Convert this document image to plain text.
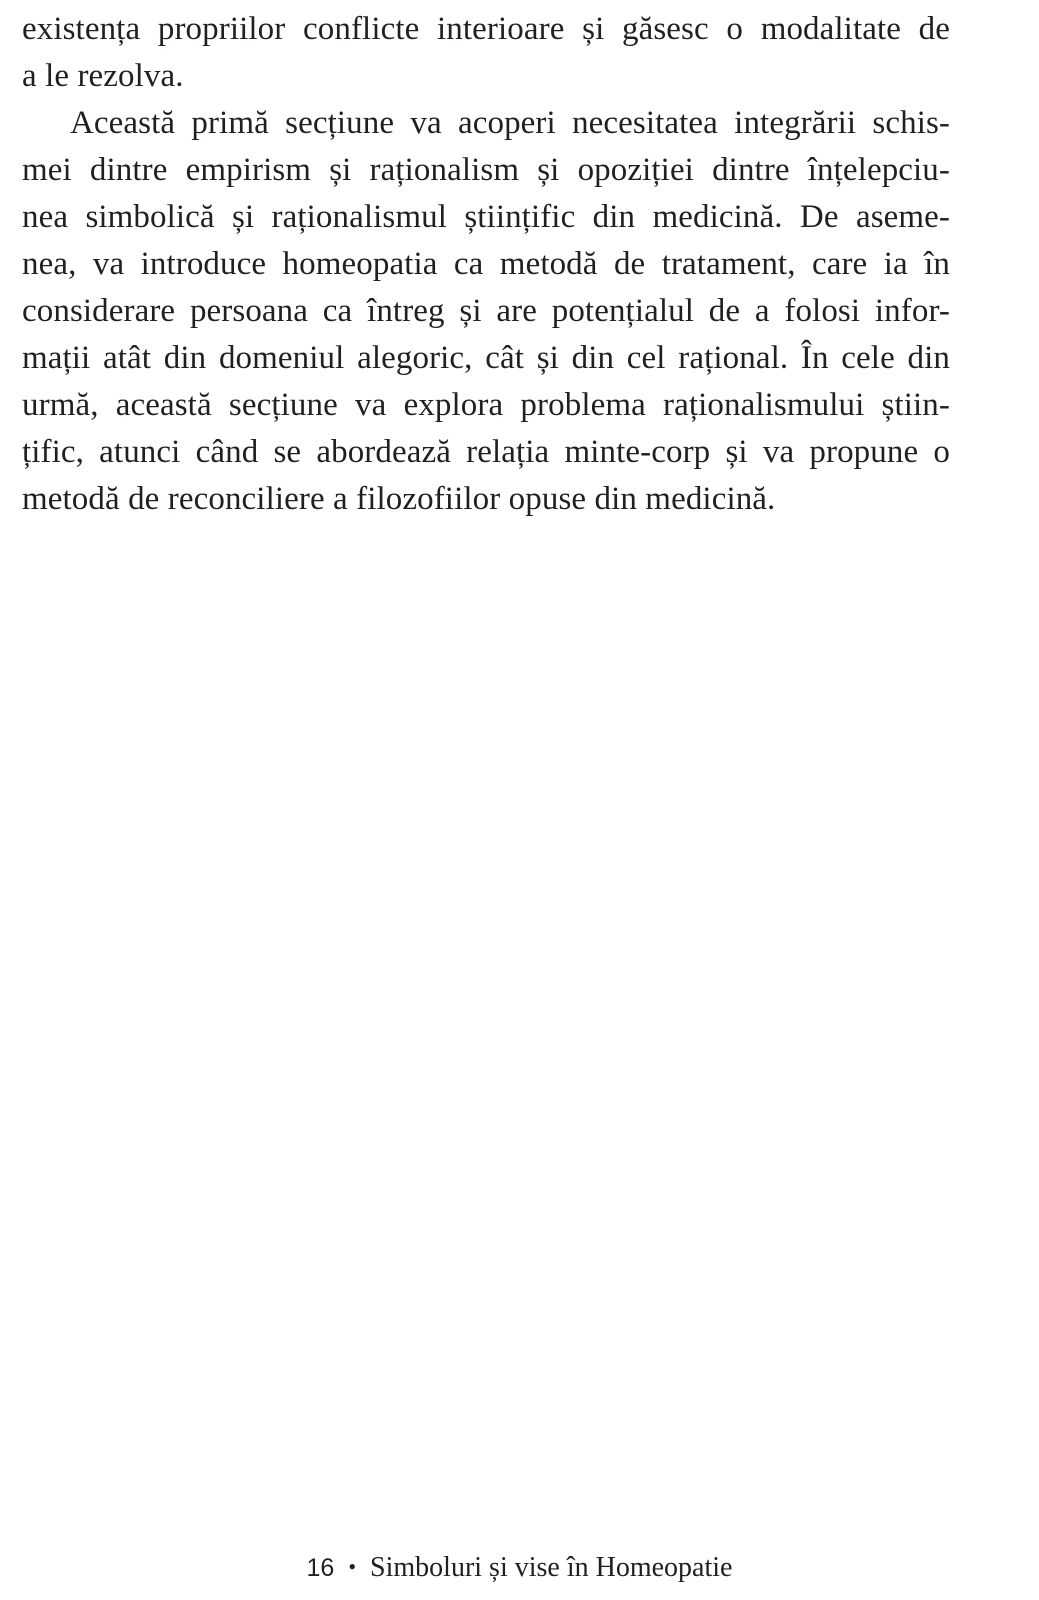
existența propriilor conflicte interioare și găsesc o modalitate de
a le rezolva.
Această primă secțiune va acoperi necesitatea integrării schis-
mei dintre empirism și raționalism și opoziției dintre înțelepciu-
nea simbolică și raționalismul științific din medicină. De aseme-
nea, va introduce homeopatia ca metodă de tratament, care ia în
considerare persoana ca întreg și are potențialul de a folosi infor-
mații atât din domeniul alegoric, cât și din cel rațional. În cele din
urmă, această secțiune va explora problema raționalismului știin-
țific, atunci când se abordează relația minte-corp și va propune o
metodă de reconciliere a filozofiilor opuse din medicină.
16 • Simboluri și vise în Homeopatie
